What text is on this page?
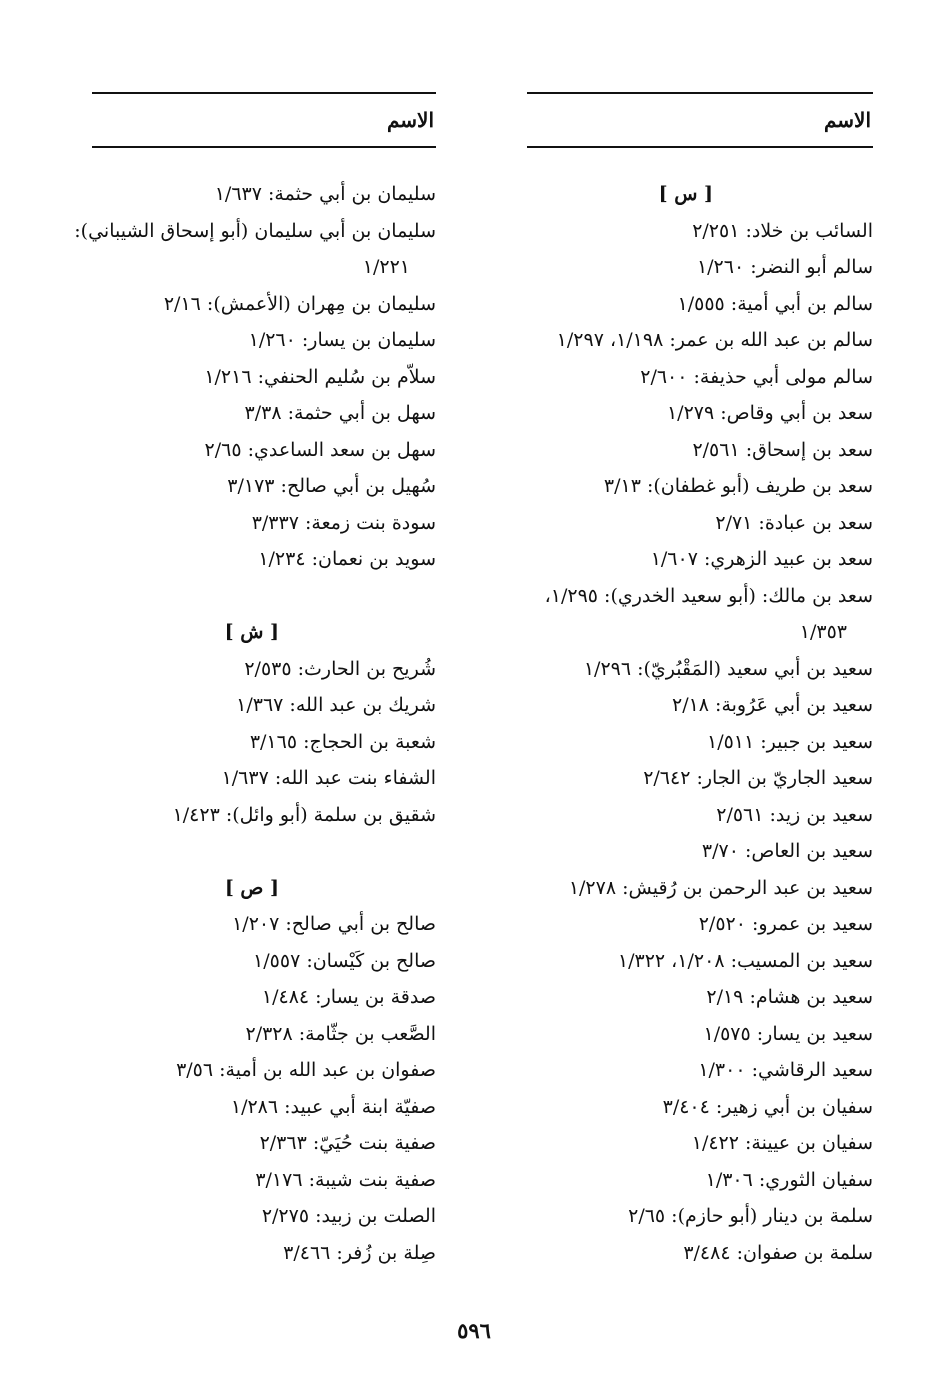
الاسم
[ س ]
السائب بن خلاد: ٢/٢٥١
سالم أبو النضر: ١/٢٦٠
سالم بن أبي أمية: ١/٥٥٥
سالم بن عبد الله بن عمر: ١/١٩٨، ١/٢٩٧
سالم مولى أبي حذيفة: ٢/٦٠٠
سعد بن أبي وقاص: ١/٢٧٩
سعد بن إسحاق: ٢/٥٦١
سعد بن طريف (أبو غطفان): ٣/١٣
سعد بن عبادة: ٢/٧١
سعد بن عبيد الزهري: ١/٦٠٧
سعد بن مالك: (أبو سعيد الخدري): ١/٢٩٥،
١/٣٥٣
سعيد بن أبي سعيد (المَقْبُريّ): ١/٢٩٦
سعيد بن أبي عَرُوبة: ٢/١٨
سعيد بن جبير: ١/٥١١
سعيد الجاريّ بن الجار: ٢/٦٤٢
سعيد بن زيد: ٢/٥٦١
سعيد بن العاص: ٣/٧٠
سعيد بن عبد الرحمن بن رُقيش: ١/٢٧٨
سعيد بن عمرو: ٢/٥٢٠
سعيد بن المسيب: ١/٢٠٨، ١/٣٢٢
سعيد بن هشام: ٢/١٩
سعيد بن يسار: ١/٥٧٥
سعيد الرقاشي: ١/٣٠٠
سفيان بن أبي زهير: ٣/٤٠٤
سفيان بن عيينة: ١/٤٢٢
سفيان الثوري: ١/٣٠٦
سلمة بن دينار (أبو حازم): ٢/٦٥
سلمة بن صفوان: ٣/٤٨٤
الاسم
سليمان بن أبي حثمة: ١/٦٣٧
سليمان بن أبي سليمان (أبو إسحاق الشيباني):
١/٢٢١
سليمان بن مِهران (الأعمش): ٢/١٦
سليمان بن يسار: ١/٢٦٠
سلاّم بن سُليم الحنفي: ١/٢١٦
سهل بن أبي حثمة: ٣/٣٨
سهل بن سعد الساعدي: ٢/٦٥
سُهيل بن أبي صالح: ٣/١٧٣
سودة بنت زمعة: ٣/٣٣٧
سويد بن نعمان: ١/٢٣٤
[ ش ]
شُريح بن الحارث: ٢/٥٣٥
شريك بن عبد الله: ١/٣٦٧
شعبة بن الحجاج: ٣/١٦٥
الشفاء بنت عبد الله: ١/٦٣٧
شقيق بن سلمة (أبو وائل): ١/٤٢٣
[ ص ]
صالح بن أبي صالح: ١/٢٠٧
صالح بن كَيْسان: ١/٥٥٧
صدقة بن يسار: ١/٤٨٤
الصَّعب بن جثّامة: ٢/٣٢٨
صفوان بن عبد الله بن أمية: ٣/٥٦
صفيّة ابنة أبي عبيد: ١/٢٨٦
صفية بنت حُيَيّ: ٢/٣٦٣
صفية بنت شيبة: ٣/١٧٦
الصلت بن زبيد: ٢/٢٧٥
صِلة بن زُفر: ٣/٤٦٦
٥٩٦
